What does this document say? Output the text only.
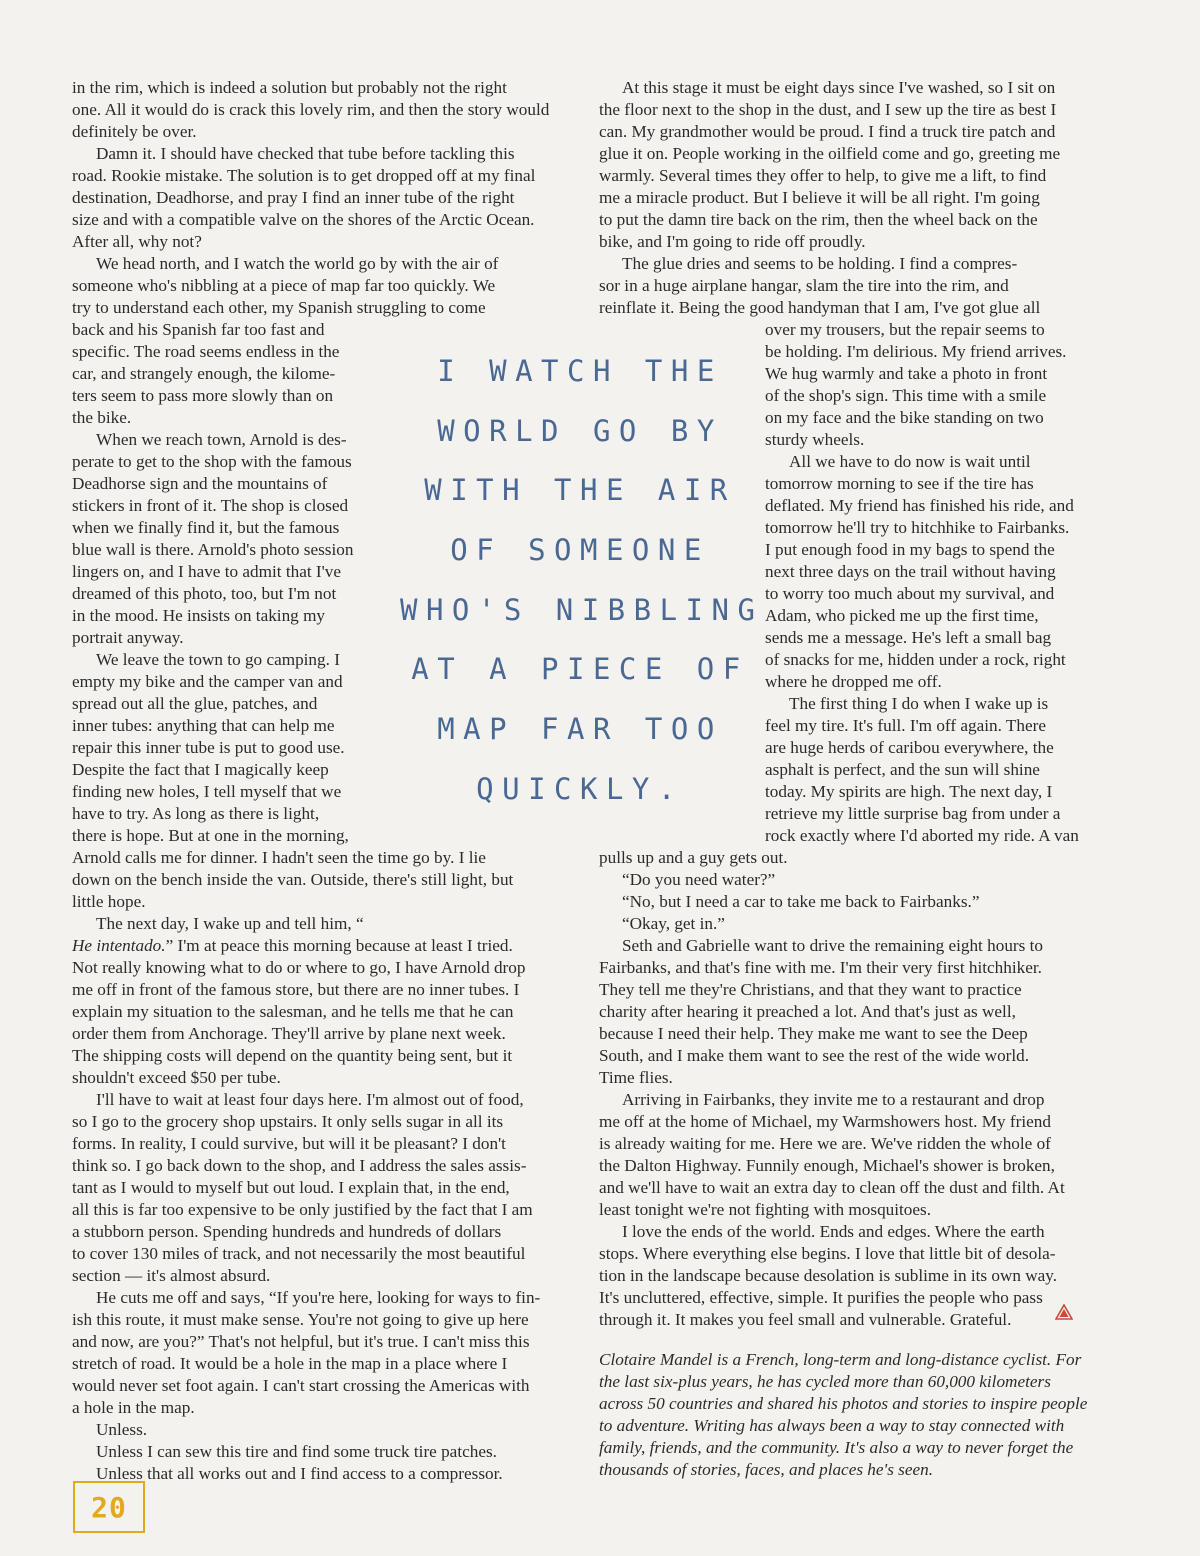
in the rim, which is indeed a solution but probably not the right
one. All it would do is crack this lovely rim, and then the story would
definitely be over.
Damn it. I should have checked that tube before tackling this
road. Rookie mistake. The solution is to get dropped off at my final
destination, Deadhorse, and pray I find an inner tube of the right
size and with a compatible valve on the shores of the Arctic Ocean.
After all, why not?
We head north, and I watch the world go by with the air of
someone who's nibbling at a piece of map far too quickly. We
try to understand each other, my Spanish struggling to come
back and his Spanish far too fast and
specific. The road seems endless in the
car, and strangely enough, the kilome-
ters seem to pass more slowly than on
the bike.
When we reach town, Arnold is des-
perate to get to the shop with the famous
Deadhorse sign and the mountains of
stickers in front of it. The shop is closed
when we finally find it, but the famous
blue wall is there. Arnold's photo session
lingers on, and I have to admit that I've
dreamed of this photo, too, but I'm not
in the mood. He insists on taking my
portrait anyway.
We leave the town to go camping. I
empty my bike and the camper van and
spread out all the glue, patches, and
inner tubes: anything that can help me
repair this inner tube is put to good use.
Despite the fact that I magically keep
finding new holes, I tell myself that we
have to try. As long as there is light,
there is hope. But at one in the morning,
Arnold calls me for dinner. I hadn't seen the time go by. I lie
down on the bench inside the van. Outside, there's still light, but
little hope.
The next day, I wake up and tell him, “
He intentado.” I'm at peace this morning because at least I tried.
Not really knowing what to do or where to go, I have Arnold drop
me off in front of the famous store, but there are no inner tubes. I
explain my situation to the salesman, and he tells me that he can
order them from Anchorage. They'll arrive by plane next week.
The shipping costs will depend on the quantity being sent, but it
shouldn't exceed $50 per tube.
I'll have to wait at least four days here. I'm almost out of food,
so I go to the grocery shop upstairs. It only sells sugar in all its
forms. In reality, I could survive, but will it be pleasant? I don't
think so. I go back down to the shop, and I address the sales assis-
tant as I would to myself but out loud. I explain that, in the end,
all this is far too expensive to be only justified by the fact that I am
a stubborn person. Spending hundreds and hundreds of dollars
to cover 130 miles of track, and not necessarily the most beautiful
section — it's almost absurd.
He cuts me off and says, “If you're here, looking for ways to fin-
ish this route, it must make sense. You're not going to give up here
and now, are you?” That's not helpful, but it's true. I can't miss this
stretch of road. It would be a hole in the map in a place where I
would never set foot again. I can't start crossing the Americas with
a hole in the map.
Unless.
Unless I can sew this tire and find some truck tire patches.
Unless that all works out and I find access to a compressor.
I WATCH THE
WORLD GO BY
WITH THE AIR
OF SOMEONE
WHO'S NIBBLING
AT A PIECE OF
MAP FAR TOO
QUICKLY.
At this stage it must be eight days since I've washed, so I sit on
the floor next to the shop in the dust, and I sew up the tire as best I
can. My grandmother would be proud. I find a truck tire patch and
glue it on. People working in the oilfield come and go, greeting me
warmly. Several times they offer to help, to give me a lift, to find
me a miracle product. But I believe it will be all right. I'm going
to put the damn tire back on the rim, then the wheel back on the
bike, and I'm going to ride off proudly.
The glue dries and seems to be holding. I find a compres-
sor in a huge airplane hangar, slam the tire into the rim, and
reinflate it. Being the good handyman that I am, I've got glue all
over my trousers, but the repair seems to
be holding. I'm delirious. My friend arrives.
We hug warmly and take a photo in front
of the shop's sign. This time with a smile
on my face and the bike standing on two
sturdy wheels.
All we have to do now is wait until
tomorrow morning to see if the tire has
deflated. My friend has finished his ride, and
tomorrow he'll try to hitchhike to Fairbanks.
I put enough food in my bags to spend the
next three days on the trail without having
to worry too much about my survival, and
Adam, who picked me up the first time,
sends me a message. He's left a small bag
of snacks for me, hidden under a rock, right
where he dropped me off.
The first thing I do when I wake up is
feel my tire. It's full. I'm off again. There
are huge herds of caribou everywhere, the
asphalt is perfect, and the sun will shine
today. My spirits are high. The next day, I
retrieve my little surprise bag from under a
rock exactly where I'd aborted my ride. A van
pulls up and a guy gets out.
“Do you need water?”
“No, but I need a car to take me back to Fairbanks.”
“Okay, get in.”
Seth and Gabrielle want to drive the remaining eight hours to
Fairbanks, and that's fine with me. I'm their very first hitchhiker.
They tell me they're Christians, and that they want to practice
charity after hearing it preached a lot. And that's just as well,
because I need their help. They make me want to see the Deep
South, and I make them want to see the rest of the wide world.
Time flies.
Arriving in Fairbanks, they invite me to a restaurant and drop
me off at the home of Michael, my Warmshowers host. My friend
is already waiting for me. Here we are. We've ridden the whole of
the Dalton Highway. Funnily enough, Michael's shower is broken,
and we'll have to wait an extra day to clean off the dust and filth. At
least tonight we're not fighting with mosquitoes.
I love the ends of the world. Ends and edges. Where the earth
stops. Where everything else begins. I love that little bit of desola-
tion in the landscape because desolation is sublime in its own way.
It's uncluttered, effective, simple. It purifies the people who pass
through it. It makes you feel small and vulnerable. Grateful.
Clotaire Mandel is a French, long-term and long-distance cyclist. For
the last six-plus years, he has cycled more than 60,000 kilometers
across 50 countries and shared his photos and stories to inspire people
to adventure. Writing has always been a way to stay connected with
family, friends, and the community. It's also a way to never forget the
thousands of stories, faces, and places he's seen.
20
